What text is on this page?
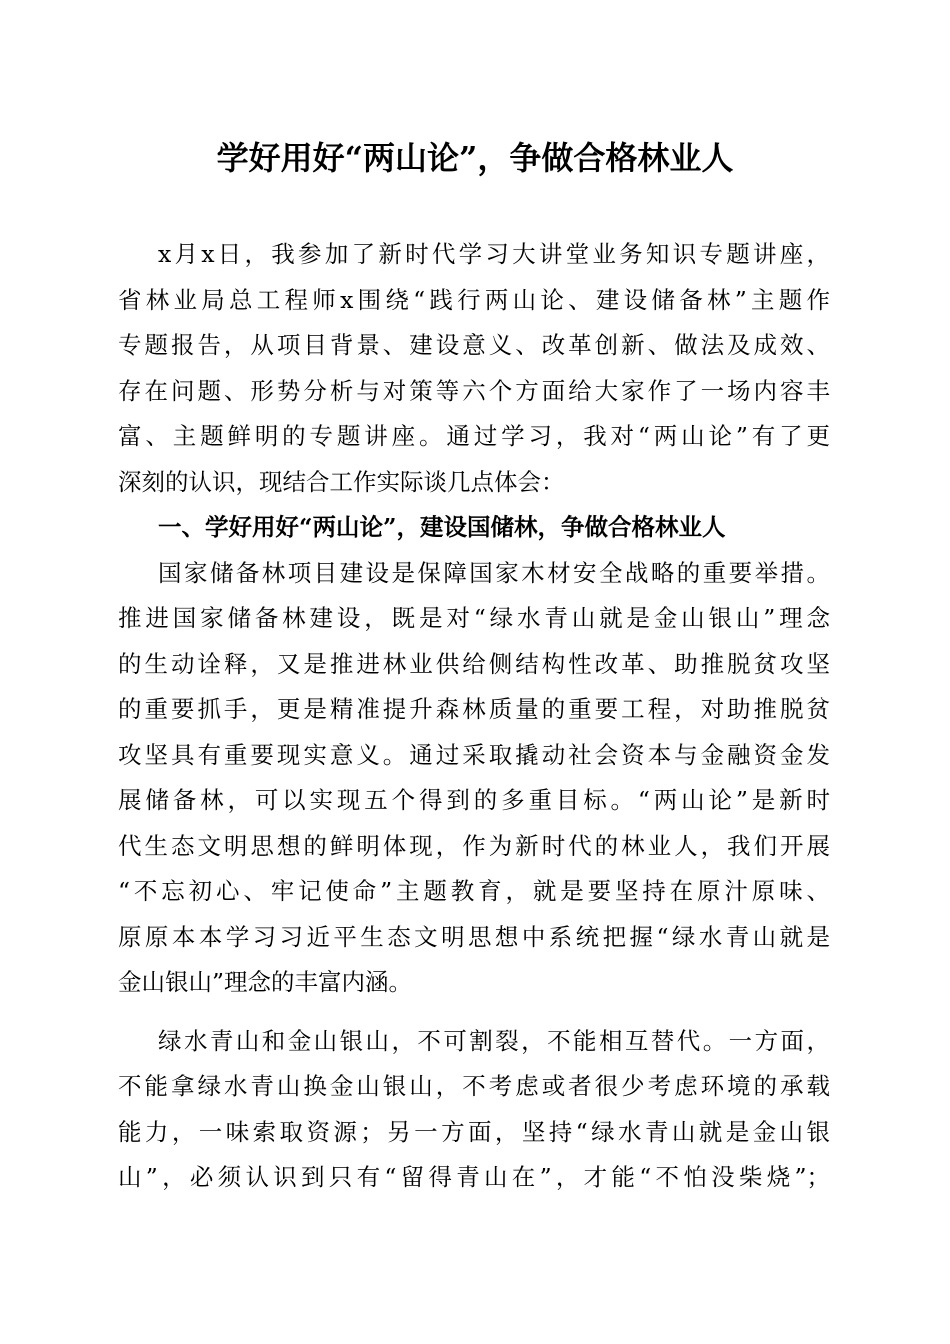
学好用好“两山论”，争做合格林业人
x月x日，我参加了新时代学习大讲堂业务知识专题讲座，
省林业局总工程师x围绕“践行两山论、建设储备林”主题作
专题报告，从项目背景、建设意义、改革创新、做法及成效、
存在问题、形势分析与对策等六个方面给大家作了一场内容丰
富、主题鲜明的专题讲座。通过学习，我对“两山论”有了更
深刻的认识，现结合工作实际谈几点体会：
一、学好用好“两山论”，建设国储林，争做合格林业人
国家储备林项目建设是保障国家木材安全战略的重要举措。
推进国家储备林建设，既是对“绿水青山就是金山银山”理念
的生动诠释，又是推进林业供给侧结构性改革、助推脱贫攻坚
的重要抓手，更是精准提升森林质量的重要工程，对助推脱贫
攻坚具有重要现实意义。通过采取撬动社会资本与金融资金发
展储备林，可以实现五个得到的多重目标。“两山论”是新时
代生态文明思想的鲜明体现，作为新时代的林业人，我们开展
“不忘初心、牢记使命”主题教育，就是要坚持在原汁原味、
原原本本学习习近平生态文明思想中系统把握“绿水青山就是
金山银山”理念的丰富内涵。
绿水青山和金山银山，不可割裂，不能相互替代。一方面，
不能拿绿水青山换金山银山，不考虑或者很少考虑环境的承载
能力，一味索取资源；另一方面，坚持“绿水青山就是金山银
山”，必须认识到只有“留得青山在”，才能“不怕没柴烧”；
